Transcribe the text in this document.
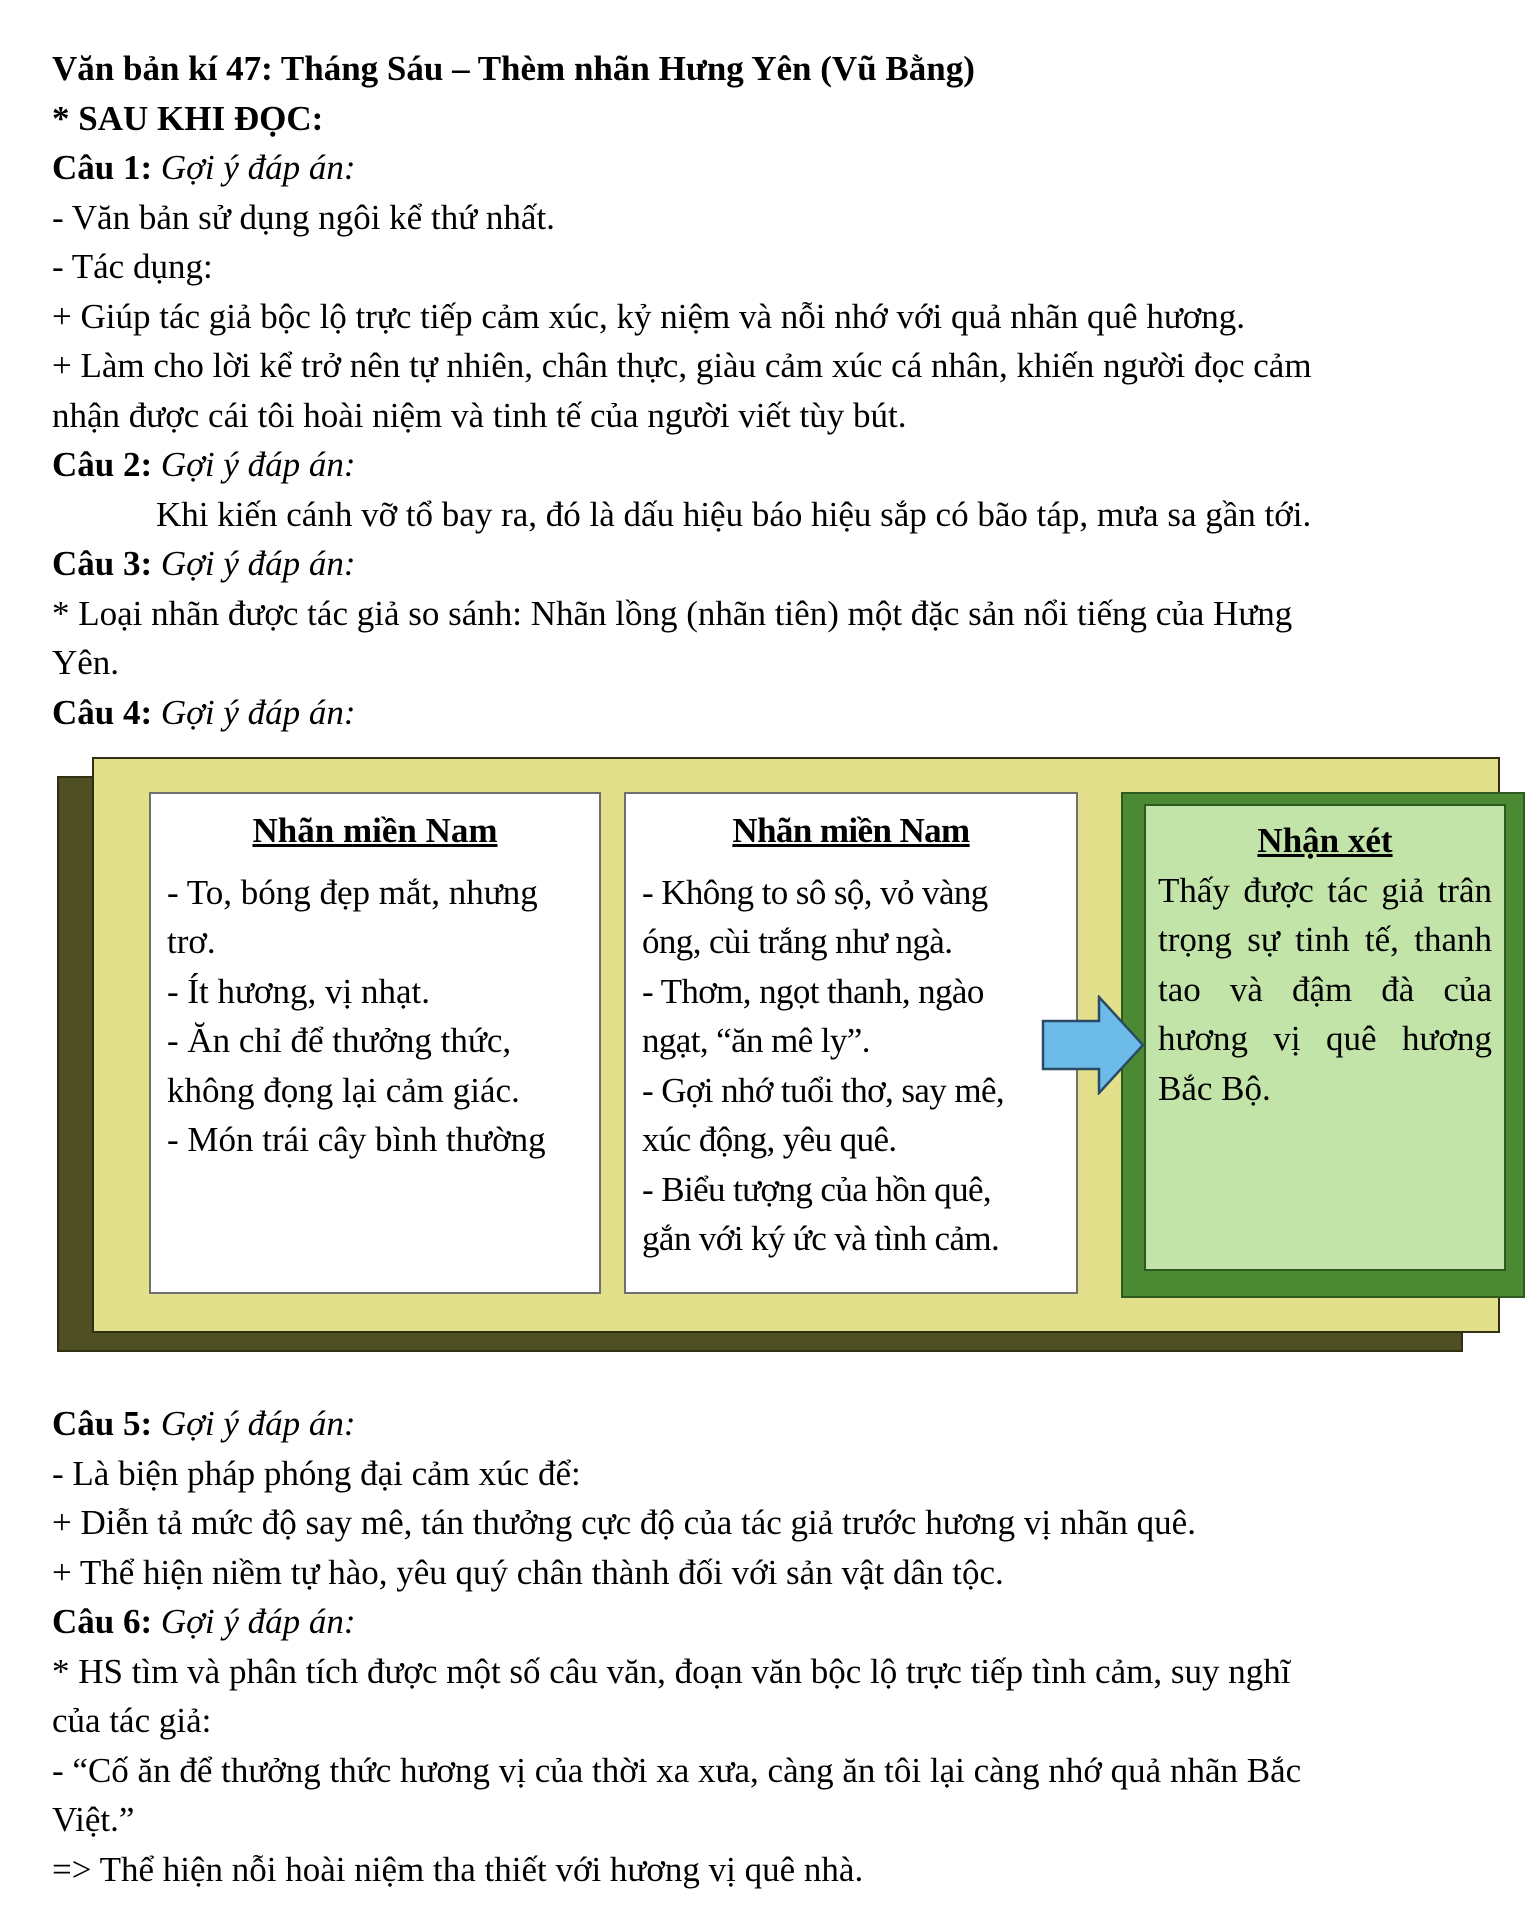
Văn bản kí 47: Tháng Sáu – Thèm nhãn Hưng Yên (Vũ Bằng)

* SAU KHI ĐỌC:

Câu 1: Gợi ý đáp án:

- Văn bản sử dụng ngôi kể thứ nhất.

- Tác dụng:

+ Giúp tác giả bộc lộ trực tiếp cảm xúc, kỷ niệm và nỗi nhớ với quả nhãn quê hương.

+ Làm cho lời kể trở nên tự nhiên, chân thực, giàu cảm xúc cá nhân, khiến người đọc cảm

nhận được cái tôi hoài niệm và tinh tế của người viết tùy bút.

Câu 2: Gợi ý đáp án:

Khi kiến cánh vỡ tổ bay ra, đó là dấu hiệu báo hiệu sắp có bão táp, mưa sa gần tới.

Câu 3: Gợi ý đáp án:

* Loại nhãn được tác giả so sánh: Nhãn lồng (nhãn tiên) một đặc sản nổi tiếng của Hưng

Yên.

Câu 4: Gợi ý đáp án:

Nhãn miền Nam

- To, bóng đẹp mắt, nhưng

trơ.

- Ít hương, vị nhạt.

- Ăn chỉ để thưởng thức,

không đọng lại cảm giác.

- Món trái cây bình thường

Nhãn miền Nam

- Không to sô sộ, vỏ vàng

óng, cùi trắng như ngà.

- Thơm, ngọt thanh, ngào

ngạt, “ăn mê ly”.

- Gợi nhớ tuổi thơ, say mê,

xúc động, yêu quê.

- Biểu tượng của hồn quê,

gắn với ký ức và tình cảm.

Nhận xét

Thấy được tác giả trân trọng sự tinh tế, thanh tao và đậm đà của hương vị quê hương Bắc Bộ.

Câu 5: Gợi ý đáp án:

- Là biện pháp phóng đại cảm xúc để:

+ Diễn tả mức độ say mê, tán thưởng cực độ của tác giả trước hương vị nhãn quê.

+ Thể hiện niềm tự hào, yêu quý chân thành đối với sản vật dân tộc.

Câu 6: Gợi ý đáp án:

* HS tìm và phân tích được một số câu văn, đoạn văn bộc lộ trực tiếp tình cảm, suy nghĩ

của tác giả:

- “Cố ăn để thưởng thức hương vị của thời xa xưa, càng ăn tôi lại càng nhớ quả nhãn Bắc

Việt.”

=> Thể hiện nỗi hoài niệm tha thiết với hương vị quê nhà.
